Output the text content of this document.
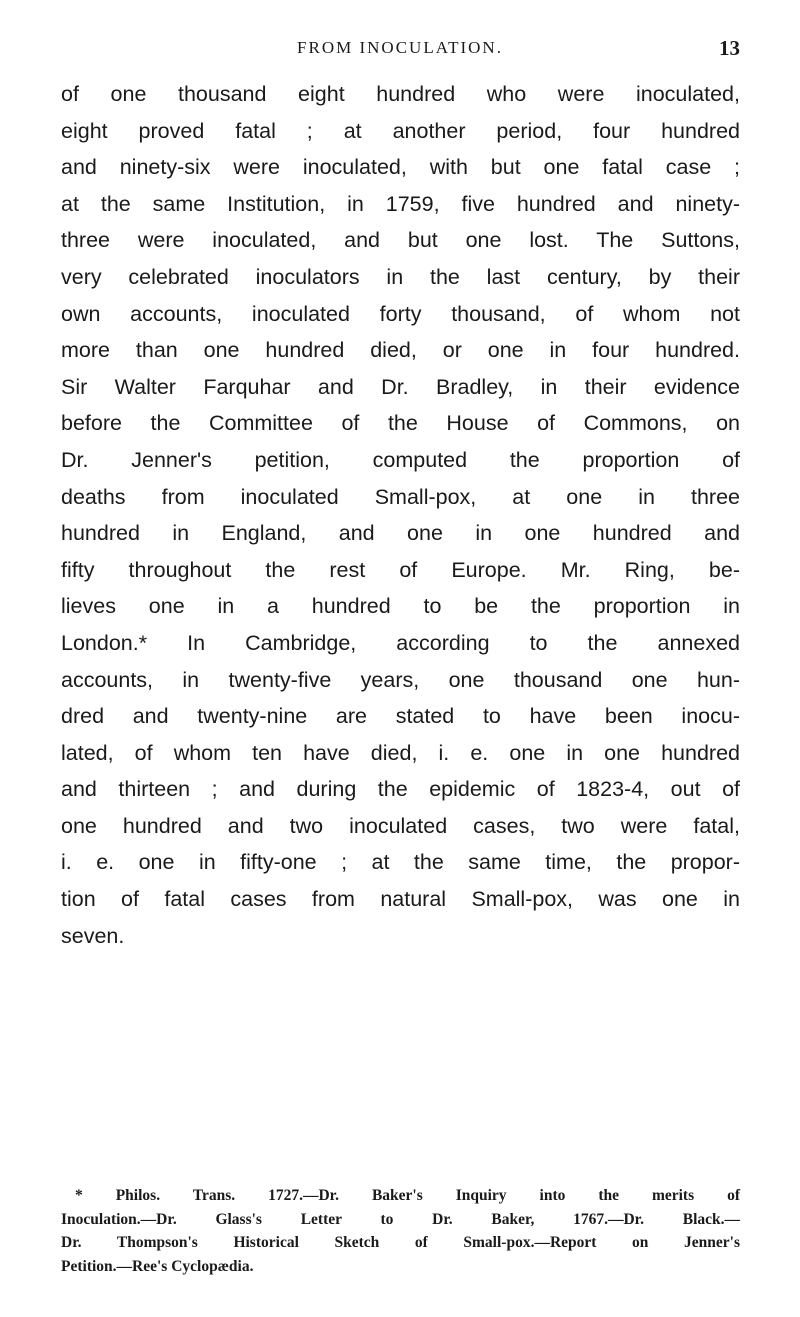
FROM INOCULATION.	13
of one thousand eight hundred who were inoculated,
eight proved fatal ; at another period, four hundred
and ninety-six were inoculated, with but one fatal case ;
at the same Institution, in 1759, five hundred and ninety-
three were inoculated, and but one lost. The Suttons,
very celebrated inoculators in the last century, by their
own accounts, inoculated forty thousand, of whom not
more than one hundred died, or one in four hundred.
Sir Walter Farquhar and Dr. Bradley, in their evidence
before the Committee of the House of Commons, on
Dr. Jenner's petition, computed the proportion of
deaths from inoculated Small-pox, at one in three
hundred in England, and one in one hundred and
fifty throughout the rest of Europe. Mr. Ring, be-
lieves one in a hundred to be the proportion in
London.* In Cambridge, according to the annexed
accounts, in twenty-five years, one thousand one hun-
dred and twenty-nine are stated to have been inocu-
lated, of whom ten have died, i. e. one in one hundred
and thirteen ; and during the epidemic of 1823-4, out of
one hundred and two inoculated cases, two were fatal,
i. e. one in fifty-one ; at the same time, the propor-
tion of fatal cases from natural Small-pox, was one in
seven.
* Philos. Trans. 1727.—Dr. Baker's Inquiry into the merits of
Inoculation.—Dr. Glass's Letter to Dr. Baker, 1767.—Dr. Black.—
Dr. Thompson's Historical Sketch of Small-pox.—Report on Jenner's
Petition.—Ree's Cyclopædia.
